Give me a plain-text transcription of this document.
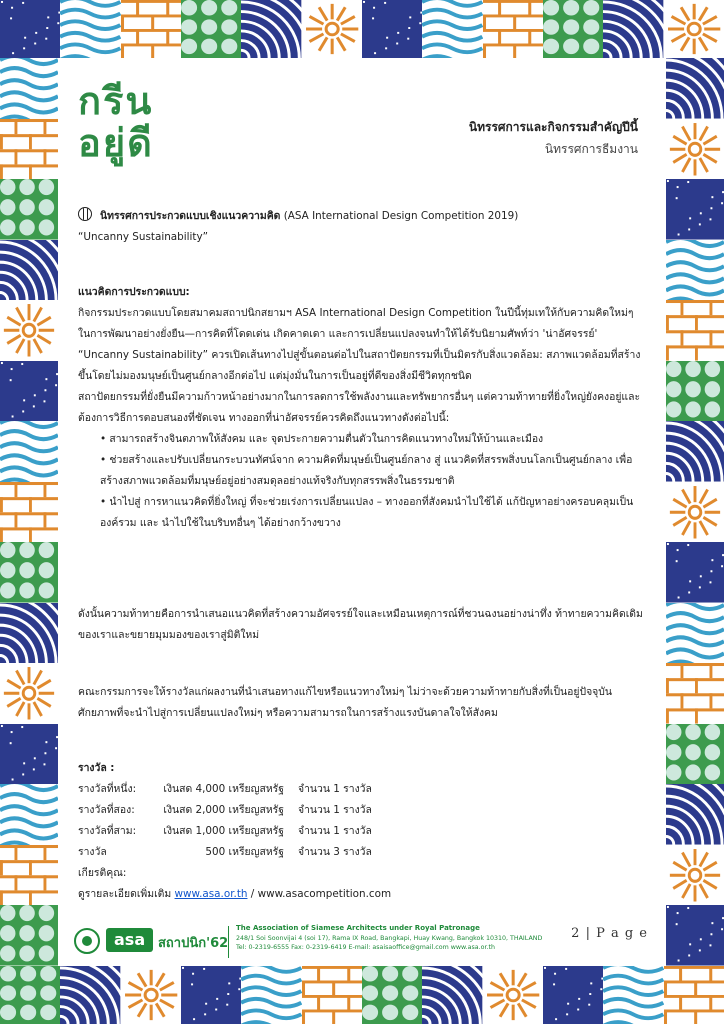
กรีน
อยู่ดี	นิทรรศการและกิจกรรมสำคัญปีนี้
นิทรรศการธีมงาน
นิทรรศการประกวดแบบเชิงแนวความคิด (ASA International Design Competition 2019)
“Uncanny Sustainability”
แนวคิดการประกวดแบบ:
กิจกรรมประกวดแบบโดยสมาคมสถาปนิกสยามฯ ASA International Design Competition ในปีนี้ทุ่มเทให้กับความคิดใหม่ๆ ในการพัฒนาอย่างยั่งยืน—การคิดที่โดดเด่น เกิดคาดเดา และการเปลี่ยนแปลงจนทำให้ได้รับนิยามศัพท์ว่า 'น่าอัศจรรย์'
“Uncanny Sustainability” ควรเปิดเส้นทางไปสู่ขั้นตอนต่อไปในสถาปัตยกรรมที่เป็นมิตรกับสิ่งแวดล้อม: สภาพแวดล้อมที่สร้างขึ้นโดยไม่มองมนุษย์เป็นศูนย์กลางอีกต่อไป แต่มุ่งมั่นในการเป็นอยู่ที่ดีของสิ่งมีชีวิตทุกชนิด
สถาปัตยกรรมที่ยั่งยืนมีความก้าวหน้าอย่างมากในการลดการใช้พลังงานและทรัพยากรอื่นๆ แต่ความท้าทายที่ยิ่งใหญ่ยังคงอยู่และต้องการวิธีการตอบสนองที่ชัดเจน ทางออกที่น่าอัศจรรย์ควรคิดถึงแนวทางดังต่อไปนี้:
• สามารถสร้างจินตภาพให้สังคม และ จุดประกายความตื่นตัวในการคิดแนวทางใหม่ให้บ้านและเมือง
• ช่วยสร้างและปรับเปลี่ยนกระบวนทัศน์จาก ความคิดที่มนุษย์เป็นศูนย์กลาง สู่ แนวคิดที่สรรพสิ่งบนโลกเป็นศูนย์กลาง เพื่อสร้างสภาพแวดล้อมที่มนุษย์อยู่อย่างสมดุลอย่างแท้จริงกับทุกสรรพสิ่งในธรรมชาติ
• นำไปสู่ การหาแนวคิดที่ยิ่งใหญ่ ที่จะช่วยเร่งการเปลี่ยนแปลง – ทางออกที่สังคมนำไปใช้ได้ แก้ปัญหาอย่างครอบคลุมเป็นองค์รวม และ นำไปใช้ในบริบทอื่นๆ ได้อย่างกว้างขวาง
ดังนั้นความท้าทายคือการนำเสนอแนวคิดที่สร้างความอัศจรรย์ใจและเหมือนเหตุการณ์ที่ชวนฉงนอย่างน่าทึ่ง ท้าทายความคิดเดิมของเราและขยายมุมมองของเราสู่มิติใหม่
คณะกรรมการจะให้รางวัลแก่ผลงานที่นำเสนอทางแก้ไขหรือแนวทางใหม่ๆ ไม่ว่าจะด้วยความท้าทายกับสิ่งที่เป็นอยู่ปัจจุบัน ศักยภาพที่จะนำไปสู่การเปลี่ยนแปลงใหม่ๆ หรือความสามารถในการสร้างแรงบันดาลใจให้สังคม
รางวัล :
รางวัลที่หนึ่ง:	เงินสด 4,000 เหรียญสหรัฐ	จำนวน 1 รางวัล
รางวัลที่สอง:	เงินสด 2,000 เหรียญสหรัฐ	จำนวน 1 รางวัล
รางวัลที่สาม:	เงินสด 1,000 เหรียญสหรัฐ	จำนวน 1 รางวัล
รางวัลเกียรติคุณ:
500 เหรียญสหรัฐ	จำนวน 3 รางวัล
ดูรายละเอียดเพิ่มเติม www.asa.or.th / www.asacompetition.com
asa สถาปนิก'62
The Association of Siamese Architects under Royal Patronage
248/1 Soi Soonvijai 4 (soi 17), Rama IX Road, Bangkapi, Huay Kwang, Bangkok 10310, THAILAND
Tel: 0-2319-6555 Fax: 0-2319-6419 E-mail: asaisaoffice@gmail.com www.asa.or.th
2 | P a g e
